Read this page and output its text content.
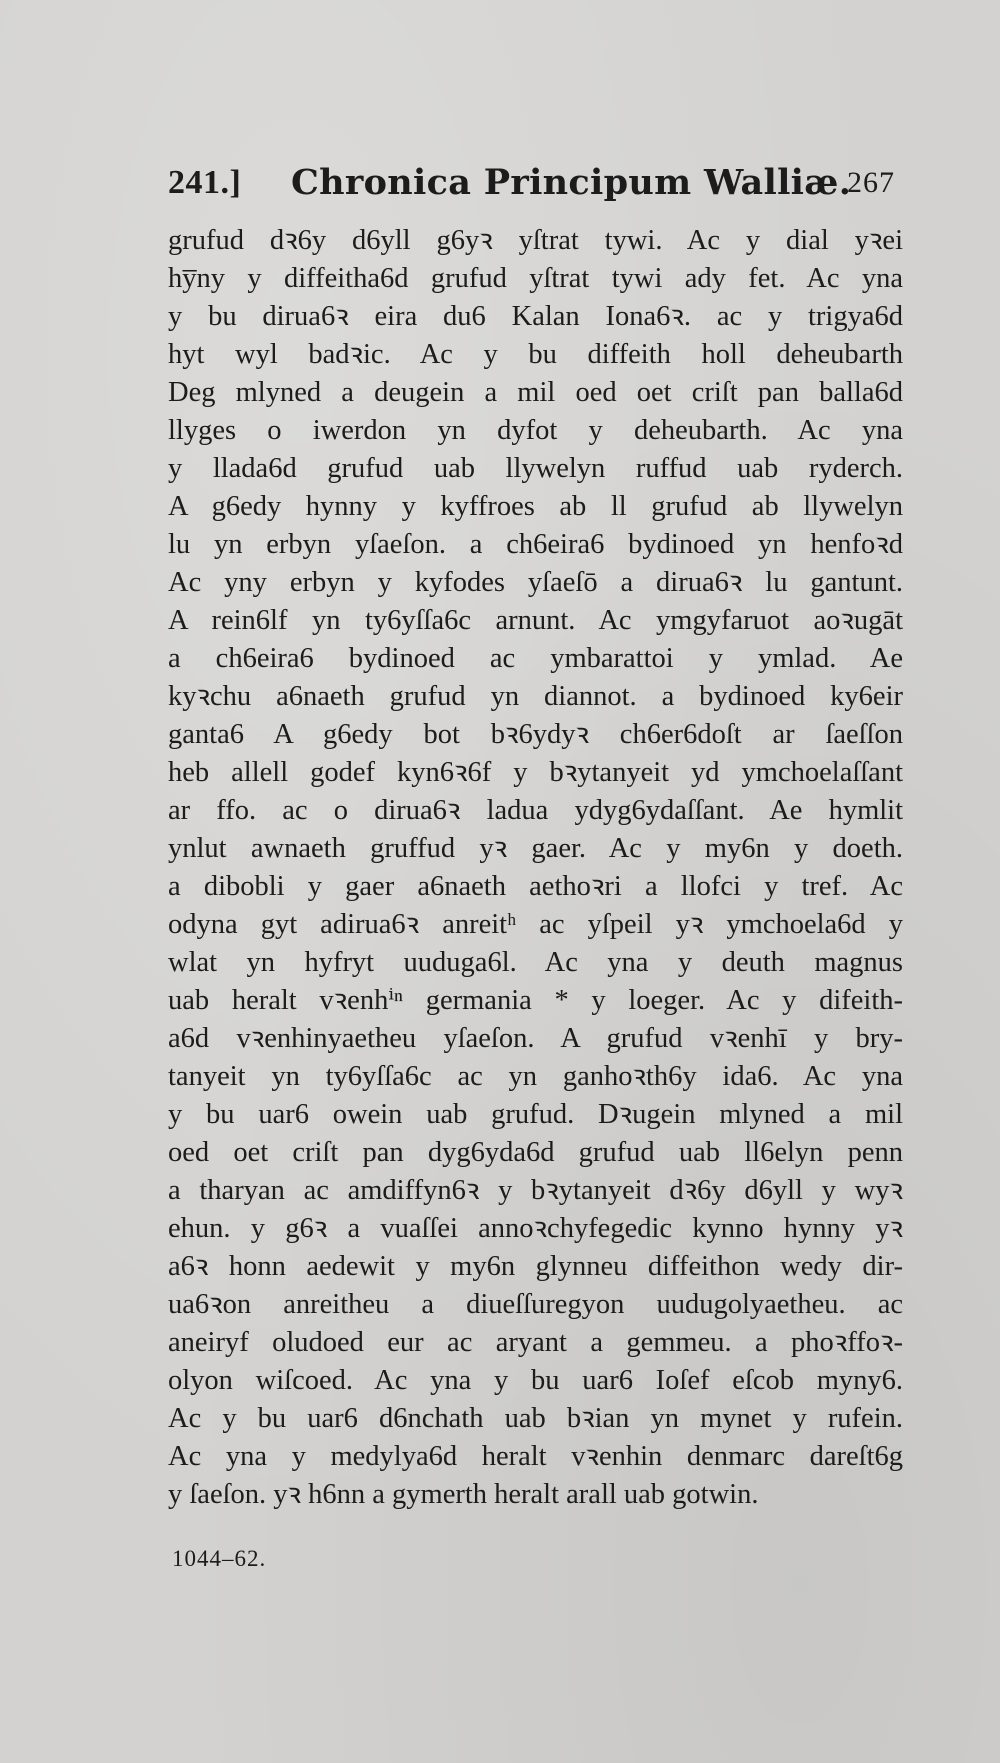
241.] Chronica Principum Walliæ.
267
grufud dꝛ6y d6yll g6yꝛ yſtrat tywi. Ac y dial yꝛei
hy̅ny y diffeitha6d grufud yſtrat tywi ady fet. Ac yna
y bu dirua6ꝛ eira du6 Kalan Iona6ꝛ. ac y trigya6d
hyt wyl badꝛic. Ac y bu diffeith holl deheubarth
Deg mlyned a deugein a mil oed oet criſt pan balla6d
llyges o iwerdon yn dyfot y deheubarth. Ac yna
y llada6d grufud uab llywelyn ruffud uab ryderch.
A g6edy hynny y kyffroes ab ll grufud ab llywelyn
lu yn erbyn yſaeſon. a ch6eira6 bydinoed yn henfoꝛd
Ac yny erbyn y kyfodes yſaeſō a dirua6ꝛ lu gantunt.
A rein6lf yn ty6yſſa6c arnunt. Ac ymgyfaruot aoꝛugāt
a ch6eira6 bydinoed ac ymbarattoi y ymlad. Ae
kyꝛchu a6naeth grufud yn diannot. a bydinoed ky6eir
ganta6 A g6edy bot bꝛ6ydyꝛ ch6er6doſt ar ſaeſſon
heb allell godef kyn6ꝛ6f y bꝛytanyeit yd ymchoelaſſant
ar ffo. ac o dirua6ꝛ ladua ydyg6ydaſſant. Ae hymlit
ynlut awnaeth gruffud yꝛ gaer. Ac y my6n y doeth.
a dibobli y gaer a6naeth aethoꝛri a llofci y tref. Ac
odyna gyt adirua6ꝛ anreitʰ ac yſpeil yꝛ ymchoela6d y
wlat yn hyfryt uuduga6l. Ac yna y deuth magnus
uab heralt vꝛenhⁱⁿ germania * y loeger. Ac y difeith-
a6d vꝛenhinyaetheu yſaeſon. A grufud vꝛenhī y bry-
tanyeit yn ty6yſſa6c ac yn ganhoꝛth6y ida6. Ac yna
y bu uar6 owein uab grufud. Dꝛugein mlyned a mil
oed oet criſt pan dyg6yda6d grufud uab ll6elyn penn
a tharyan ac amdiffyn6ꝛ y bꝛytanyeit dꝛ6y d6yll y wyꝛ
ehun. y g6ꝛ a vuaſſei annoꝛchyfegedic kynno hynny yꝛ
a6ꝛ honn aedewit y my6n glynneu diffeithon wedy dir-
ua6ꝛon anreitheu a diueſſuregyon uudugolyaetheu. ac
aneiryf oludoed eur ac aryant a gemmeu. a phoꝛffoꝛ-
olyon wiſcoed. Ac yna y bu uar6 Ioſef eſcob myny6.
Ac y bu uar6 d6nchath uab bꝛian yn mynet y rufein.
Ac yna y medylya6d heralt vꝛenhin denmarc dareſt6g
y ſaeſon. yꝛ h6nn a gymerth heralt arall uab gotwin.
1044–62.
